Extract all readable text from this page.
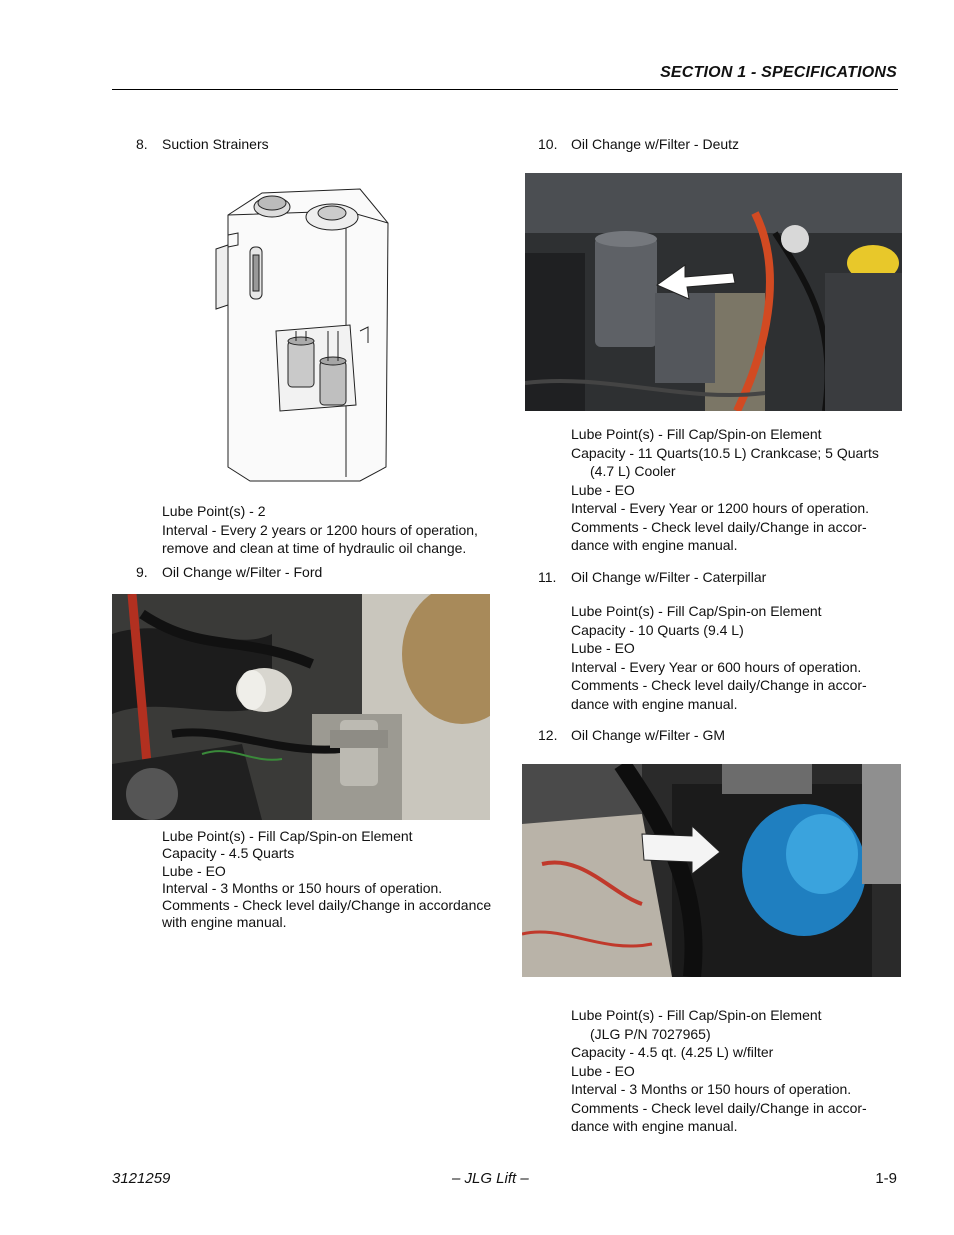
SECTION 1 - SPECIFICATIONS
8. Suction Strainers
Lube Point(s) - 2
Interval - Every 2 years or 1200 hours of operation,
remove and clean at time of hydraulic oil change.
9. Oil Change w/Filter - Ford
Lube Point(s) - Fill Cap/Spin-on Element
Capacity - 4.5 Quarts
Lube - EO
Interval - 3 Months or 150 hours of operation.
Comments - Check level daily/Change in accordance
with engine manual.
10. Oil Change w/Filter - Deutz
Lube Point(s) - Fill Cap/Spin-on Element
Capacity - 11 Quarts(10.5 L) Crankcase; 5 Quarts
(4.7 L) Cooler
Lube - EO
Interval - Every Year or 1200 hours of operation.
Comments - Check level daily/Change in accor-
dance with engine manual.
11. Oil Change w/Filter - Caterpillar
Lube Point(s) - Fill Cap/Spin-on Element
Capacity - 10 Quarts (9.4 L)
Lube - EO
Interval - Every Year or 600 hours of operation.
Comments - Check level daily/Change in accor-
dance with engine manual.
12. Oil Change w/Filter - GM
Lube Point(s) - Fill Cap/Spin-on Element
(JLG P/N 7027965)
Capacity - 4.5 qt. (4.25 L) w/filter
Lube - EO
Interval - 3 Months or 150 hours of operation.
Comments - Check level daily/Change in accor-
dance with engine manual.
3121259	– JLG Lift –	1-9
